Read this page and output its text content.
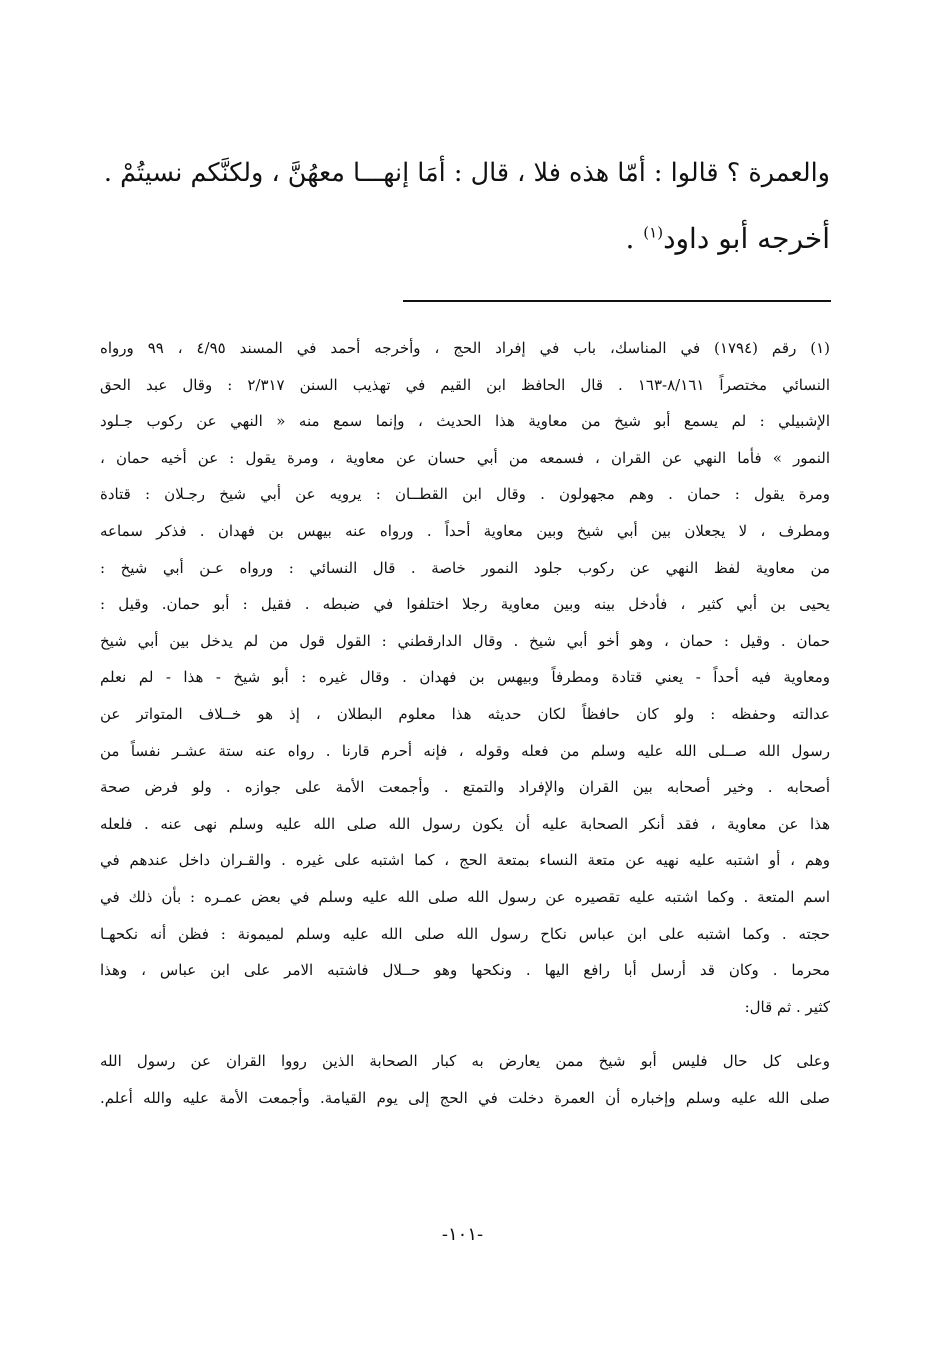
والعمرة ؟ قالوا : أمّا هذه فلا ، قال : أمَا إنهـــا معهُنَّ ، ولكنَّكم نسيتُمْ .
أخرجه أبو داود$^{(١)}$ .
(١) رقم (١٧٩٤) في المناسك، باب في إفراد الحج ، وأخرجه أحمد في المسند ٤/٩٥ ، ٩٩ ورواه
النسائي مختصراً ٨/١٦١-١٦٣ . قال الحافظ ابن القيم في تهذيب السنن ٢/٣١٧ : وقال عبد الحق
الإشبيلي : لم يسمع أبو شيخ من معاوية هذا الحديث ، وإنما سمع منه « النهي عن ركوب جـلود
النمور » فأما النهي عن القران ، فسمعه من أبي حسان عن معاوية ، ومرة يقول : عن أخيه حمان ،
ومرة يقول : حمان . وهم مجهولون . وقال ابن القطــان : يرويه عن أبي شيخ رجـلان : قتادة
ومطرف ، لا يجعلان بين أبي شيخ وبين معاوية أحداً . ورواه عنه بيهس بن فهدان . فذكر سماعه
من معاوية لفظ النهي عن ركوب جلود النمور خاصة . قال النسائي : ورواه عـن أبي شيخ :
يحيى بن أبي كثير ، فأدخل بينه وبين معاوية رجلا اختلفوا في ضبطه . فقيل : أبو حمان. وقيل :
حمان . وقيل : حمان ، وهو أخو أبي شيخ . وقال الدارقطني : القول قول من لم يدخل بين أبي شيخ
ومعاوية فيه أحداً - يعني قتادة ومطرفاً وبيهس بن فهدان . وقال غيره : أبو شيخ - هذا - لم نعلم
عدالته وحفظه : ولو كان حافظاً لكان حديثه هذا معلوم البطلان ، إذ هو خــلاف المتواتر عن
رسول الله صــلى الله عليه وسلم من فعله وقوله ، فإنه أحرم قارنا . رواه عنه ستة عشـر نفساً من
أصحابه . وخير أصحابه بين القران والإفراد والتمتع . وأجمعت الأمة على جوازه . ولو فرض صحة
هذا عن معاوية ، فقد أنكر الصحابة عليه أن يكون رسول الله صلى الله عليه وسلم نهى عنه . فلعله
وهم ، أو اشتبه عليه نهيه عن متعة النساء بمتعة الحج ، كما اشتبه على غيره . والقـران داخل عندهم في
اسم المتعة . وكما اشتبه عليه تقصيره عن رسول الله صلى الله عليه وسلم في بعض عمـره : بأن ذلك في
حجته . وكما اشتبه على ابن عباس نكاح رسول الله صلى الله عليه وسلم لميمونة : فظن أنه نكحهـا
محرما . وكان قد أرسل أبا رافع اليها . ونكحها وهو حــلال فاشتبه الامر على ابن عباس ، وهذا
كثير . ثم قال:
وعلى كل حال فليس أبو شيخ ممن يعارض به كبار الصحابة الذين رووا القران عن رسول الله
صلى الله عليه وسلم وإخباره أن العمرة دخلت في الحج إلى يوم القيامة. وأجمعت الأمة عليه والله أعلم.
-١٠١-
